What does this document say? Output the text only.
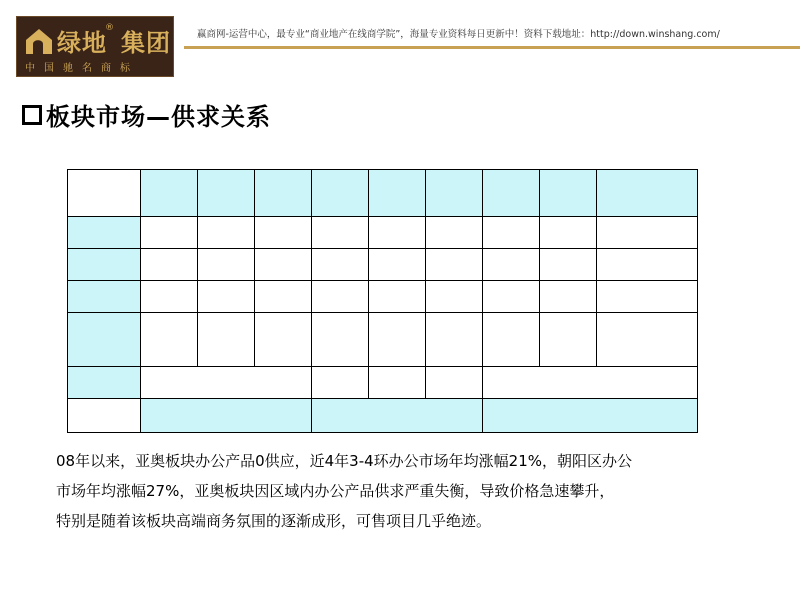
绿地 集团
®
中国驰名商标
赢商网-运营中心，最专业“商业地产在线商学院”，海量专业资料每日更新中！资料下载地址：http://down.winshang.com/
板块市场—供求关系

08年以来，亚奥板块办公产品0供应，近4年3-4环办公市场年均涨幅21%，朝阳区办公

市场年均涨幅27%，亚奥板块因区域内办公产品供求严重失衡，导致价格急速攀升，

特别是随着该板块高端商务氛围的逐渐成形，可售项目几乎绝迹。
